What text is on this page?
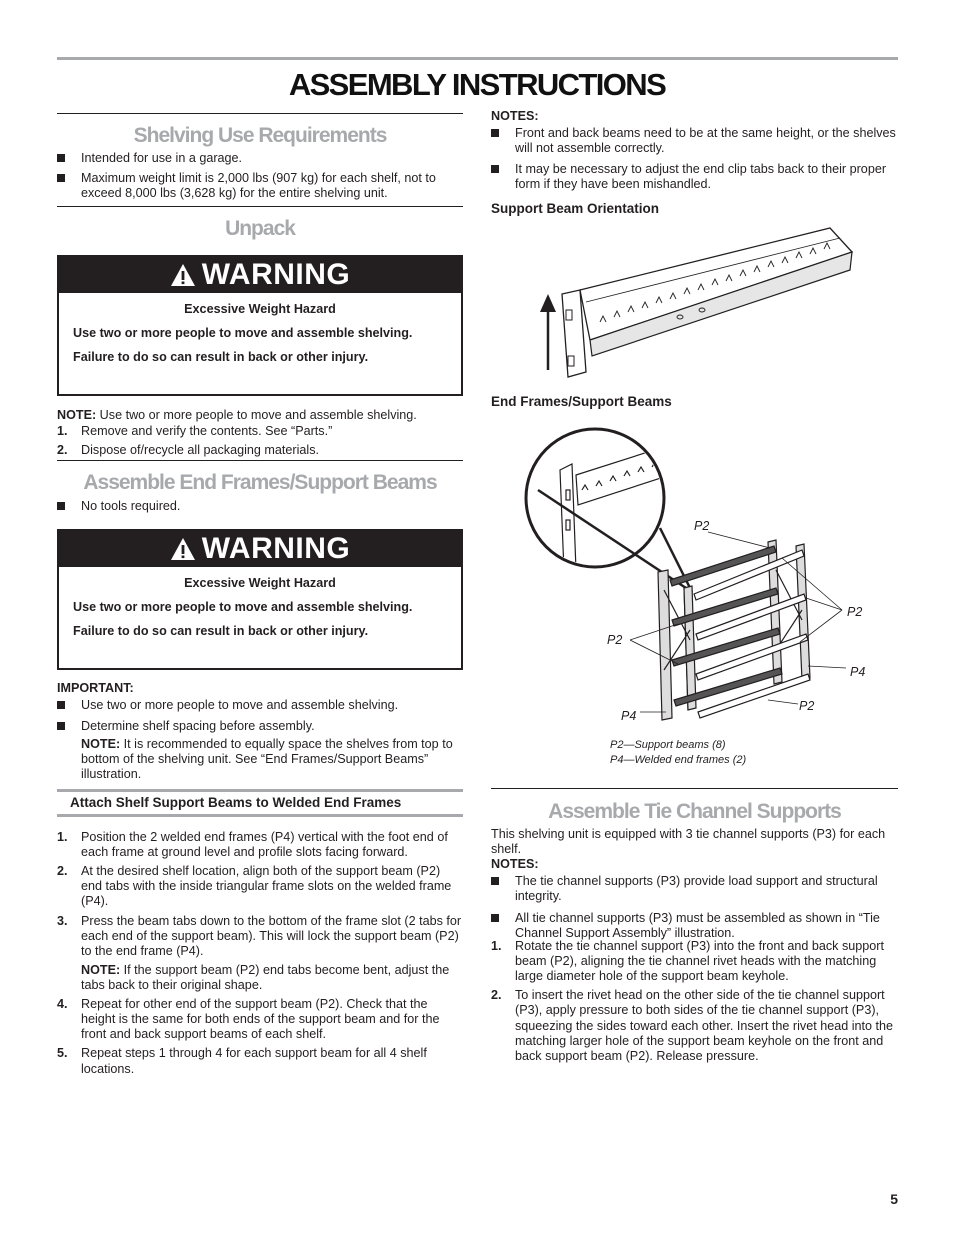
ASSEMBLY INSTRUCTIONS
Shelving Use Requirements
Intended for use in a garage.
Maximum weight limit is 2,000 lbs (907 kg) for each shelf, not to exceed 8,000 lbs (3,628 kg) for the entire shelving unit.
Unpack
WARNING
Excessive Weight Hazard
Use two or more people to move and assemble shelving.
Failure to do so can result in back or other injury.
NOTE: Use two or more people to move and assemble shelving.
1. Remove and verify the contents. See “Parts.”
2. Dispose of/recycle all packaging materials.
Assemble End Frames/Support Beams
No tools required.
WARNING
Excessive Weight Hazard
Use two or more people to move and assemble shelving.
Failure to do so can result in back or other injury.
IMPORTANT:
Use two or more people to move and assemble shelving.
Determine shelf spacing before assembly.
NOTE: It is recommended to equally space the shelves from top to bottom of the shelving unit. See “End Frames/Support Beams” illustration.
Attach Shelf Support Beams to Welded End Frames
1. Position the 2 welded end frames (P4) vertical with the foot end of each frame at ground level and profile slots facing forward.
2. At the desired shelf location, align both of the support beam (P2) end tabs with the inside triangular frame slots on the welded frame (P4).
3. Press the beam tabs down to the bottom of the frame slot (2 tabs for each end of the support beam). This will lock the support beam (P2) to the end frame (P4).
NOTE: If the support beam (P2) end tabs become bent, adjust the tabs back to their original shape.
4. Repeat for other end of the support beam (P2). Check that the height is the same for both ends of the support beam and for the front and back support beams of each shelf.
5. Repeat steps 1 through 4 for each support beam for all 4 shelf locations.
NOTES:
Front and back beams need to be at the same height, or the shelves will not assemble correctly.
It may be necessary to adjust the end clip tabs back to their proper form if they have been mishandled.
Support Beam Orientation
End Frames/Support Beams
P2
P2
P2
P4
P2
P4
P2—Support beams (8)
P4—Welded end frames (2)
Assemble Tie Channel Supports
This shelving unit is equipped with 3 tie channel supports (P3) for each shelf.
NOTES:
The tie channel supports (P3) provide load support and structural integrity.
All tie channel supports (P3) must be assembled as shown in “Tie Channel Support Assembly” illustration.
1. Rotate the tie channel support (P3) into the front and back support beam (P2), aligning the tie channel rivet heads with the matching large diameter hole of the support beam keyhole.
2. To insert the rivet head on the other side of the tie channel support (P3), apply pressure to both sides of the tie channel support (P3), squeezing the sides toward each other. Insert the rivet head into the matching larger hole of the support beam keyhole on the front and back support beam (P2). Release pressure.
5
